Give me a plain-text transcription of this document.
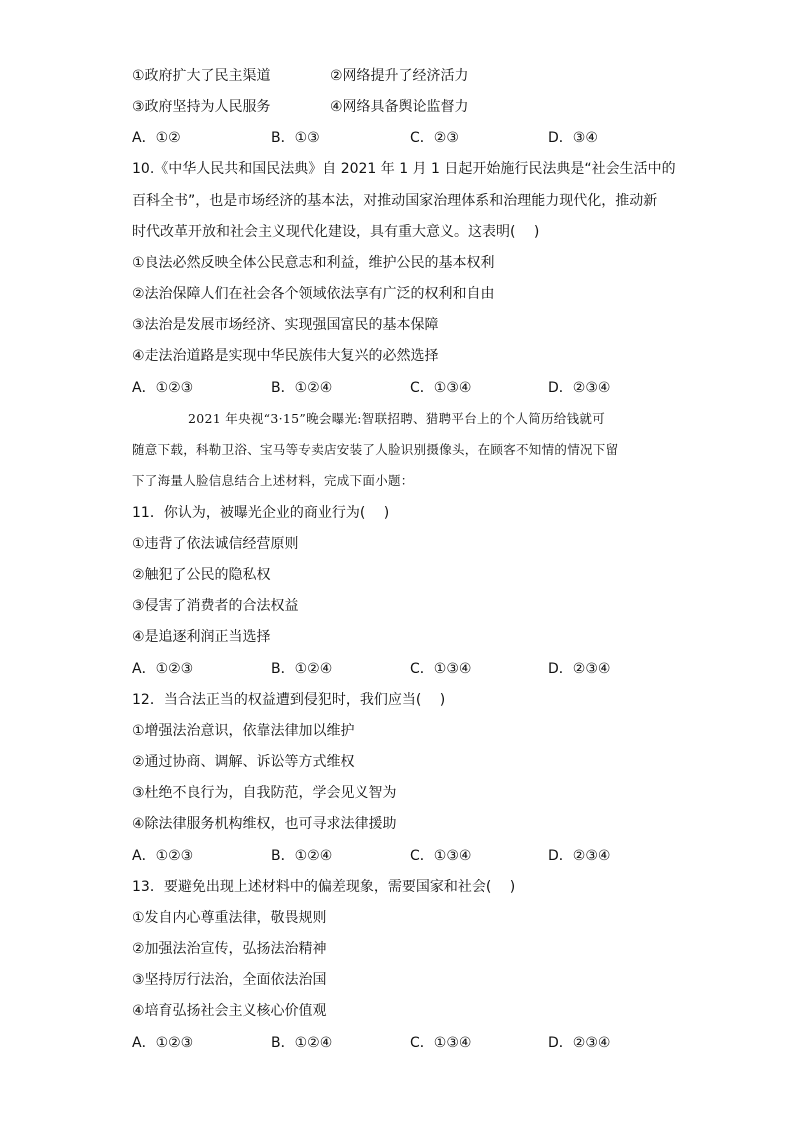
①政府扩大了民主渠道	②网络提升了经济活力
③政府坚持为人民服务	④网络具备舆论监督力
A．①②	B．①③	C．②③	D．③④
10.《中华人民共和国民法典》自 2021 年 1 月 1 日起开始施行民法典是“社会生活中的
百科全书”，也是市场经济的基本法，对推动国家治理体系和治理能力现代化，推动新
时代改革开放和社会主义现代化建设，具有重大意义。这表明(　 )
①良法必然反映全体公民意志和利益，维护公民的基本权利
②法治保障人们在社会各个领域依法享有广泛的权利和自由
③法治是发展市场经济、实现强国富民的基本保障
④走法治道路是实现中华民族伟大复兴的必然选择
A．①②③	B．①②④	C．①③④	D．②③④
2021 年央视“3·15”晚会曝光:智联招聘、猎聘平台上的个人简历给钱就可
随意下载，科勒卫浴、宝马等专卖店安装了人脸识别摄像头，在顾客不知情的情况下留
下了海量人脸信息结合上述材料，完成下面小题：
11．你认为，被曝光企业的商业行为(　 )
①违背了依法诚信经营原则
②触犯了公民的隐私权
③侵害了消费者的合法权益
④是追逐利润正当选择
A．①②③	B．①②④	C．①③④	D．②③④
12．当合法正当的权益遭到侵犯时，我们应当(　 )
①增强法治意识，依靠法律加以维护
②通过协商、调解、诉讼等方式维权
③杜绝不良行为，自我防范，学会见义智为
④除法律服务机构维权，也可寻求法律援助
A．①②③	B．①②④	C．①③④	D．②③④
13．要避免出现上述材料中的偏差现象，需要国家和社会(　 )
①发自内心尊重法律，敬畏规则
②加强法治宣传，弘扬法治精神
③坚持厉行法治，全面依法治国
④培育弘扬社会主义核心价值观
A．①②③	B．①②④	C．①③④	D．②③④
